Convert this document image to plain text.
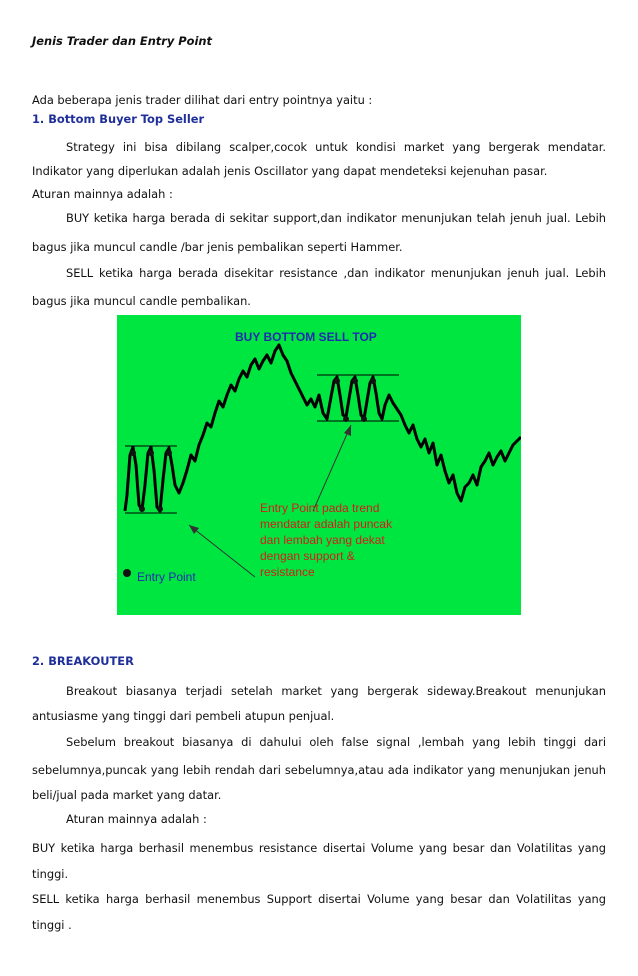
Jenis Trader dan Entry Point
Ada beberapa jenis trader dilihat dari entry pointnya yaitu :
1. Bottom Buyer Top Seller
Strategy ini bisa dibilang scalper,cocok untuk kondisi market yang bergerak mendatar.
Indikator yang diperlukan adalah jenis Oscillator yang dapat mendeteksi kejenuhan pasar.
Aturan mainnya adalah :
BUY ketika harga berada di sekitar support,dan indikator menunjukan telah jenuh jual. Lebih
bagus jika muncul candle /bar jenis pembalikan seperti Hammer.
SELL ketika harga berada disekitar resistance ,dan indikator menunjukan jenuh jual. Lebih
bagus jika muncul candle pembalikan.
BUY BOTTOM SELL TOP
Entry Point pada trend
mendatar adalah puncak
dan lembah yang dekat
dengan support &
resistance
Entry Point
2. BREAKOUTER
Breakout biasanya terjadi setelah market yang bergerak sideway.Breakout menunjukan
antusiasme yang tinggi dari pembeli atupun penjual.
Sebelum breakout biasanya di dahului oleh false signal ,lembah yang lebih tinggi dari
sebelumnya,puncak yang lebih rendah dari sebelumnya,atau ada indikator yang menunjukan jenuh
beli/jual pada market yang datar.
Aturan mainnya adalah :
BUY ketika harga berhasil menembus resistance disertai Volume yang besar dan Volatilitas yang
tinggi.
SELL ketika harga berhasil menembus Support disertai Volume yang besar dan Volatilitas yang
tinggi .
